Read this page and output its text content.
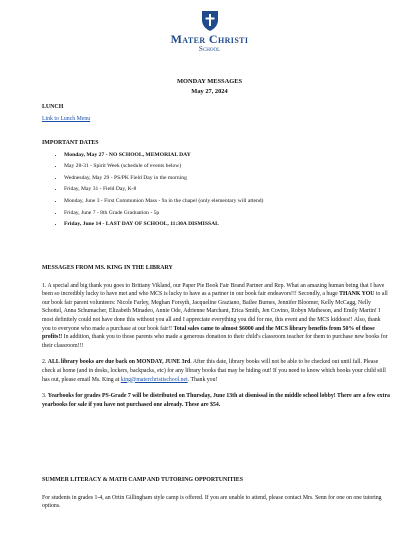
Mater Christi
School
MONDAY MESSAGES
May 27, 2024
LUNCH
Link to Lunch Menu
IMPORTANT DATES
• Monday, May 27 - NO SCHOOL, MEMORIAL DAY
• May 28-31 - Spirit Week (schedule of events below)
• Wednesday, May 29 - PS/PK Field Day in the morning
• Friday, May 31 - Field Day, K-8
• Monday, June 3 - First Communion Mass - 9a in the chapel (only elementary will attend)
• Friday, June 7 - 8th Grade Graduation - 5p
• Friday, June 14 - LAST DAY OF SCHOOL, 11:30A DISMISSAL
MESSAGES FROM MS. KING IN THE LIBRARY

1. A special and big thank you goes to Brittany Vikland, our Paper Pie Book Fair Brand Partner and Rep. What an amazing human being that I have been so incredibly lucky to have met and who MCS is lucky to have as a partner in our book fair endeavors!!! Secondly, a huge THANK YOU to all our book fair parent volunteers: Nicole Farley, Meghan Forsyth, Jacqueline Graziano, Bailee Burnes, Jennifer Bloomer, Kelly McCagg, Nelly Schottel, Anna Schumacher, Elizabeth Minadeo, Annie Ode, Adrienne Marchant, Erica Smith, Jen Covino, Robyn Matheson, and Emily Martin! I most definitely could not have done this without you all and I appreciate everything you did for me, this event and the MCS kiddoes!! Also, thank you to everyone who made a purchase at our book fair!! Total sales came to almost $6000 and the MCS library benefits from 50% of those profits!! In addition, thank you to those parents who made a generous donation to their child's classroom teacher for them to purchase new books for their classroom!!!

2. ALL library books are due back on MONDAY, JUNE 3rd. After this date, library books will not be able to be checked out until fall. Please check at home (and in desks, lockers, backpacks, etc) for any library books that may be hiding out! If you need to know which books your child still has out, please email Ms. King at king@materchristischool.net. Thank you!

3. Yearbooks for grades PS-Grade 7 will be distributed on Thursday, June 13th at dismissal in the middle school lobby! There are a few extra yearbooks for sale if you have not purchased one already. These are $54.

SUMMER LITERACY & MATH CAMP AND TUTORING OPPORTUNITIES

For students in grades 1-4, an Ortin Gillingham style camp is offered. If you are unable to attend, please contact Mrs. Senn for one on one tutoring options.
